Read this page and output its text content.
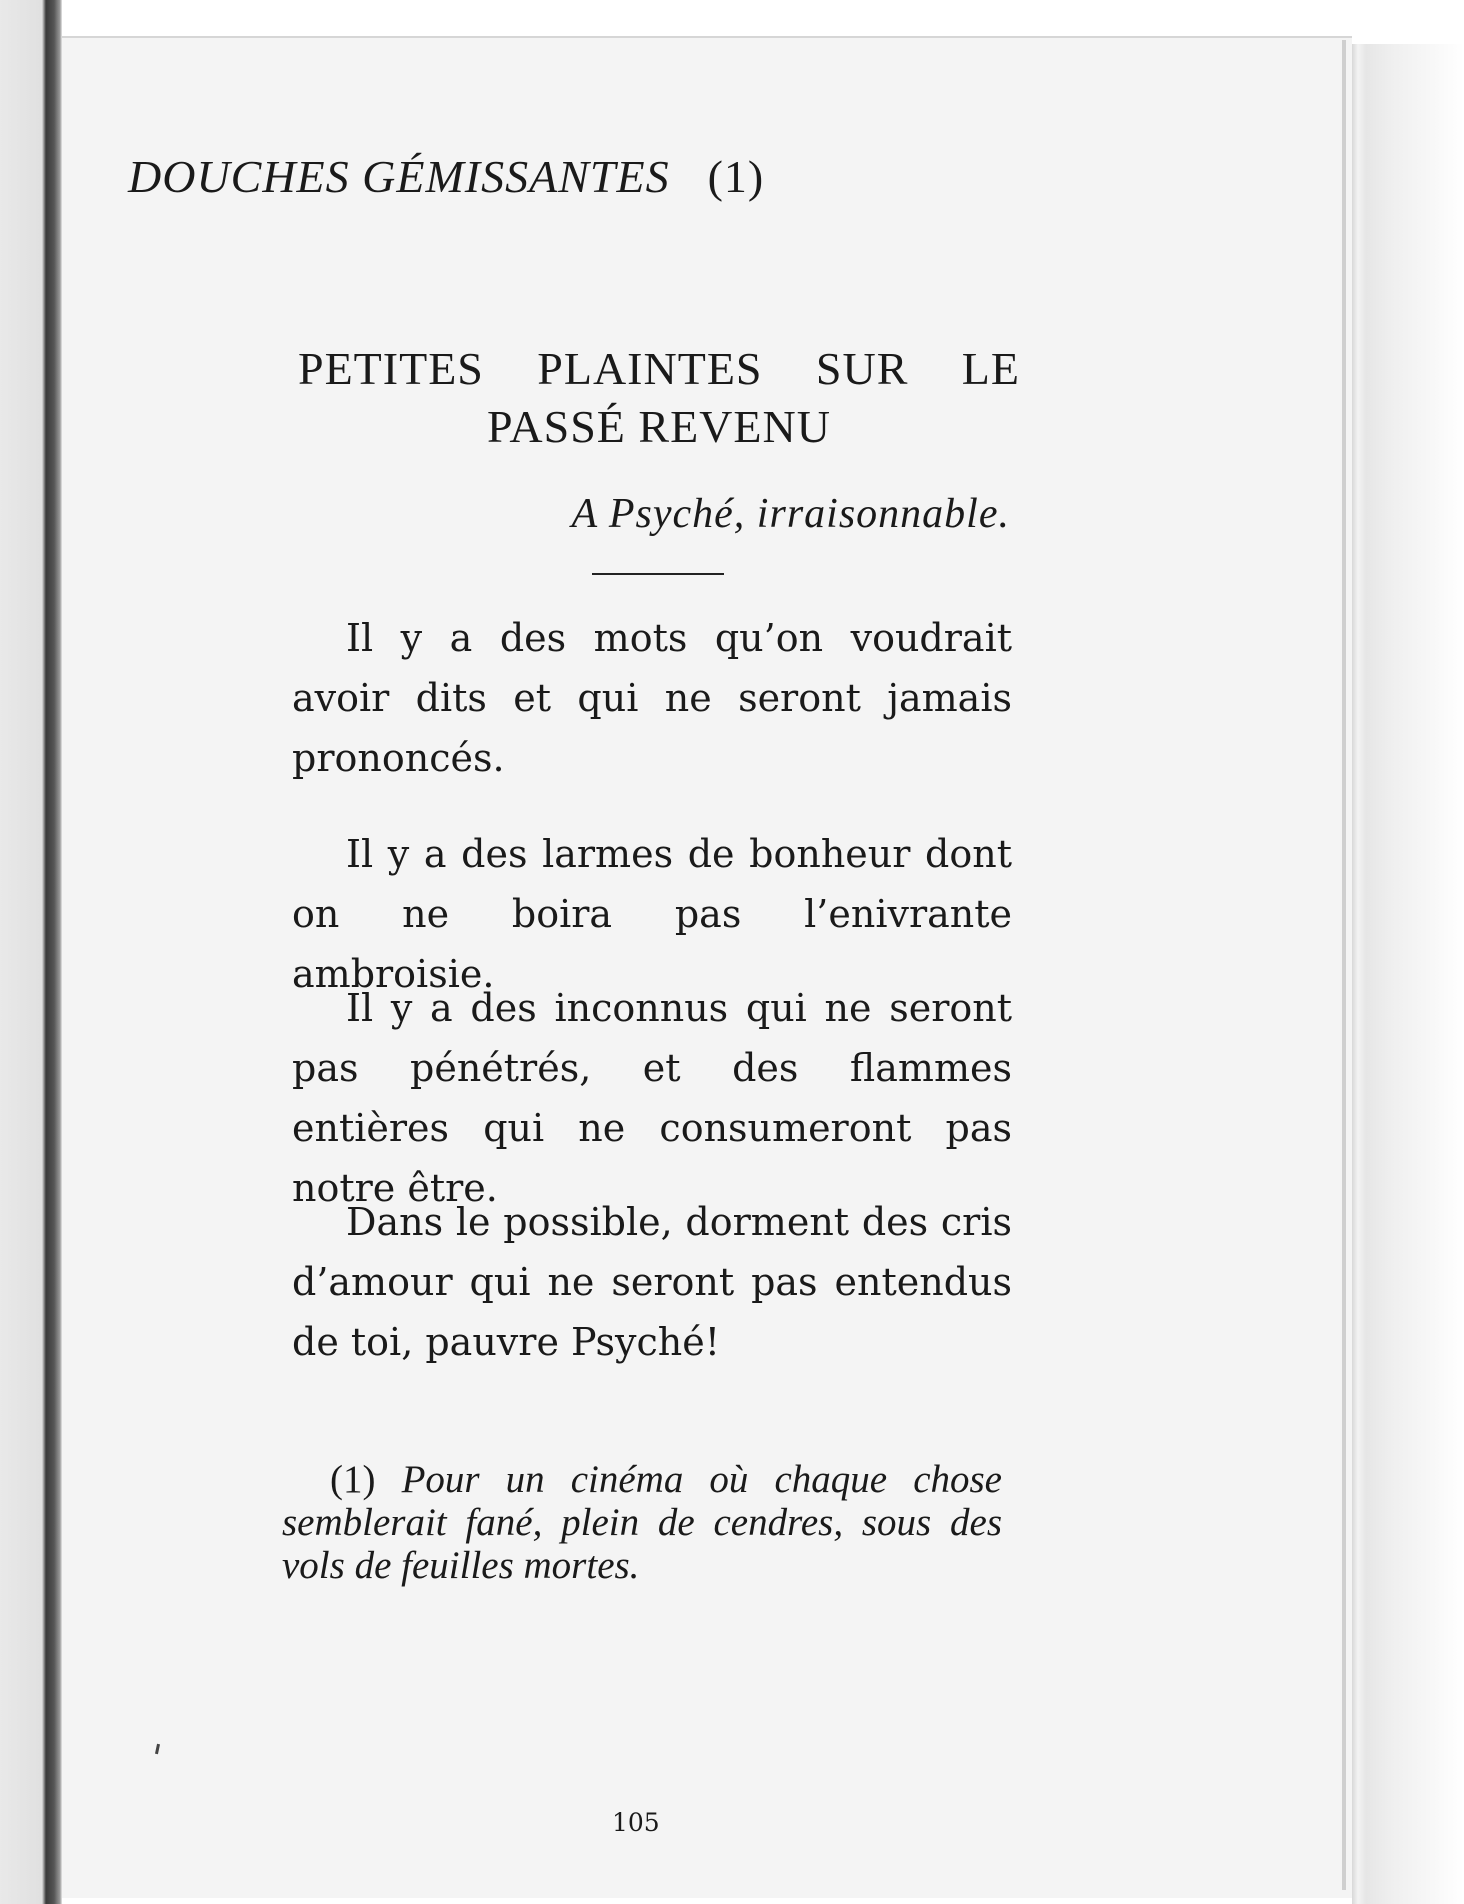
DOUCHES GÉMISSANTES (1)
PETITES PLAINTES SUR LE
PASSÉ REVENU
A Psyché, irraisonnable.
Il y a des mots qu’on voudrait avoir dits et qui ne seront jamais prononcés.
Il y a des larmes de bonheur dont on ne boira pas l’enivrante ambroisie.
Il y a des inconnus qui ne seront pas pénétrés, et des flammes entières qui ne consumeront pas notre être.
Dans le possible, dorment des cris d’amour qui ne seront pas entendus de toi, pauvre Psyché!
(1) Pour un cinéma où chaque chose semblerait fané, plein de cendres, sous des vols de feuilles mortes.
105
